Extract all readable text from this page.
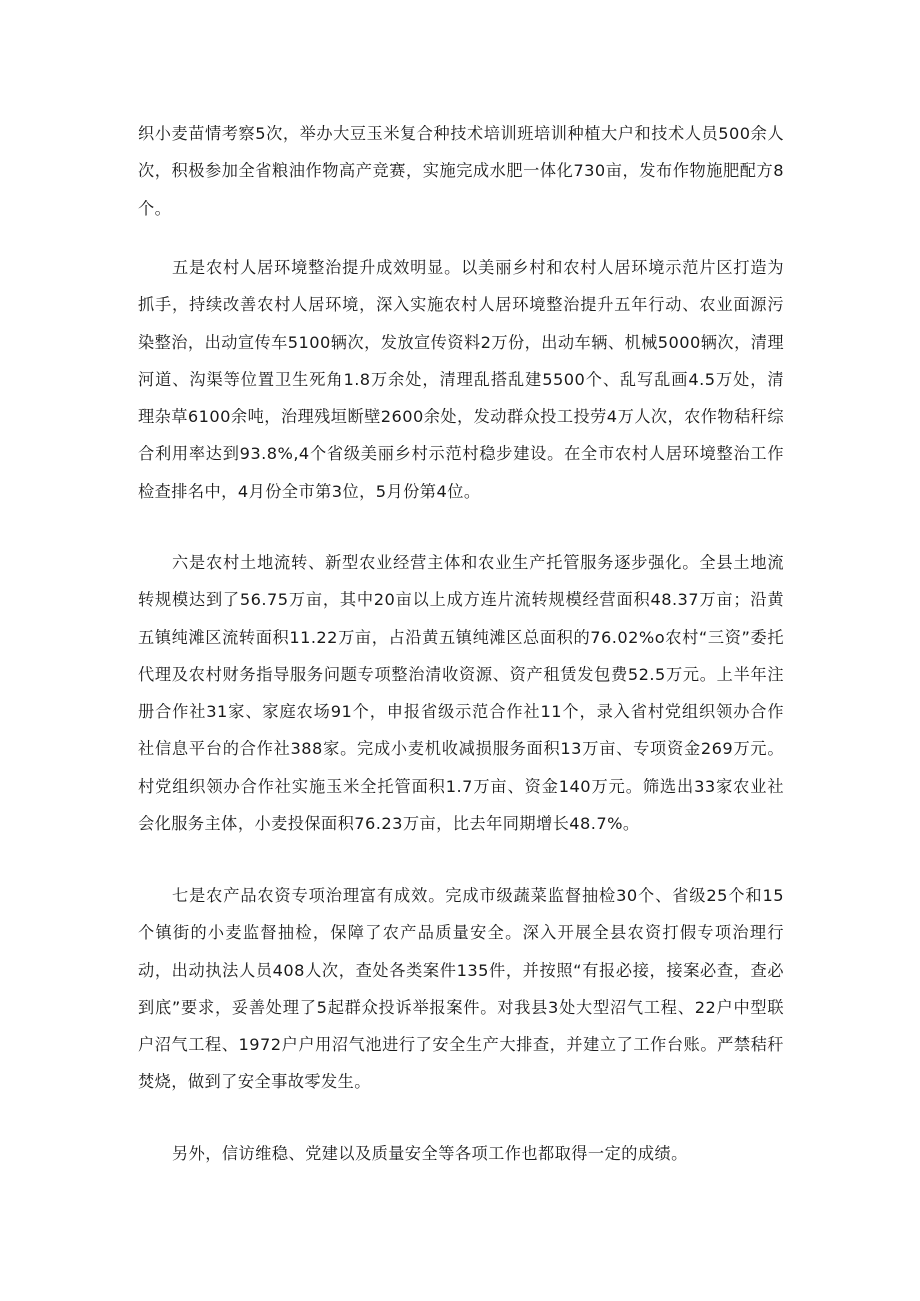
织小麦苗情考察5次，举办大豆玉米复合种技术培训班培训种植大户和技术人员500余人次，积极参加全省粮油作物高产竞赛，实施完成水肥一体化730亩，发布作物施肥配方8个。

五是农村人居环境整治提升成效明显。以美丽乡村和农村人居环境示范片区打造为抓手，持续改善农村人居环境，深入实施农村人居环境整治提升五年行动、农业面源污染整治，出动宣传车5100辆次，发放宣传资料2万份，出动车辆、机械5000辆次，清理河道、沟渠等位置卫生死角1.8万余处，清理乱搭乱建5500个、乱写乱画4.5万处，清理杂草6100余吨，治理残垣断壁2600余处，发动群众投工投劳4万人次，农作物秸秆综合利用率达到93.8%,4个省级美丽乡村示范村稳步建设。在全市农村人居环境整治工作检查排名中，4月份全市第3位，5月份第4位。

六是农村土地流转、新型农业经营主体和农业生产托管服务逐步强化。全县土地流转规模达到了56.75万亩，其中20亩以上成方连片流转规模经营面积48.37万亩；沿黄五镇纯滩区流转面积11.22万亩，占沿黄五镇纯滩区总面积的76.02%o农村“三资”委托代理及农村财务指导服务问题专项整治清收资源、资产租赁发包费52.5万元。上半年注册合作社31家、家庭农场91个，申报省级示范合作社11个，录入省村党组织领办合作社信息平台的合作社388家。完成小麦机收减损服务面积13万亩、专项资金269万元。村党组织领办合作社实施玉米全托管面积1.7万亩、资金140万元。筛选出33家农业社会化服务主体，小麦投保面积76.23万亩，比去年同期增长48.7%。

七是农产品农资专项治理富有成效。完成市级蔬菜监督抽检30个、省级25个和15个镇街的小麦监督抽检，保障了农产品质量安全。深入开展全县农资打假专项治理行动，出动执法人员408人次，查处各类案件135件，并按照“有报必接，接案必查，查必到底”要求，妥善处理了5起群众投诉举报案件。对我县3处大型沼气工程、22户中型联户沼气工程、1972户户用沼气池进行了安全生产大排查，并建立了工作台账。严禁秸秆焚烧，做到了安全事故零发生。

另外，信访维稳、党建以及质量安全等各项工作也都取得一定的成绩。
